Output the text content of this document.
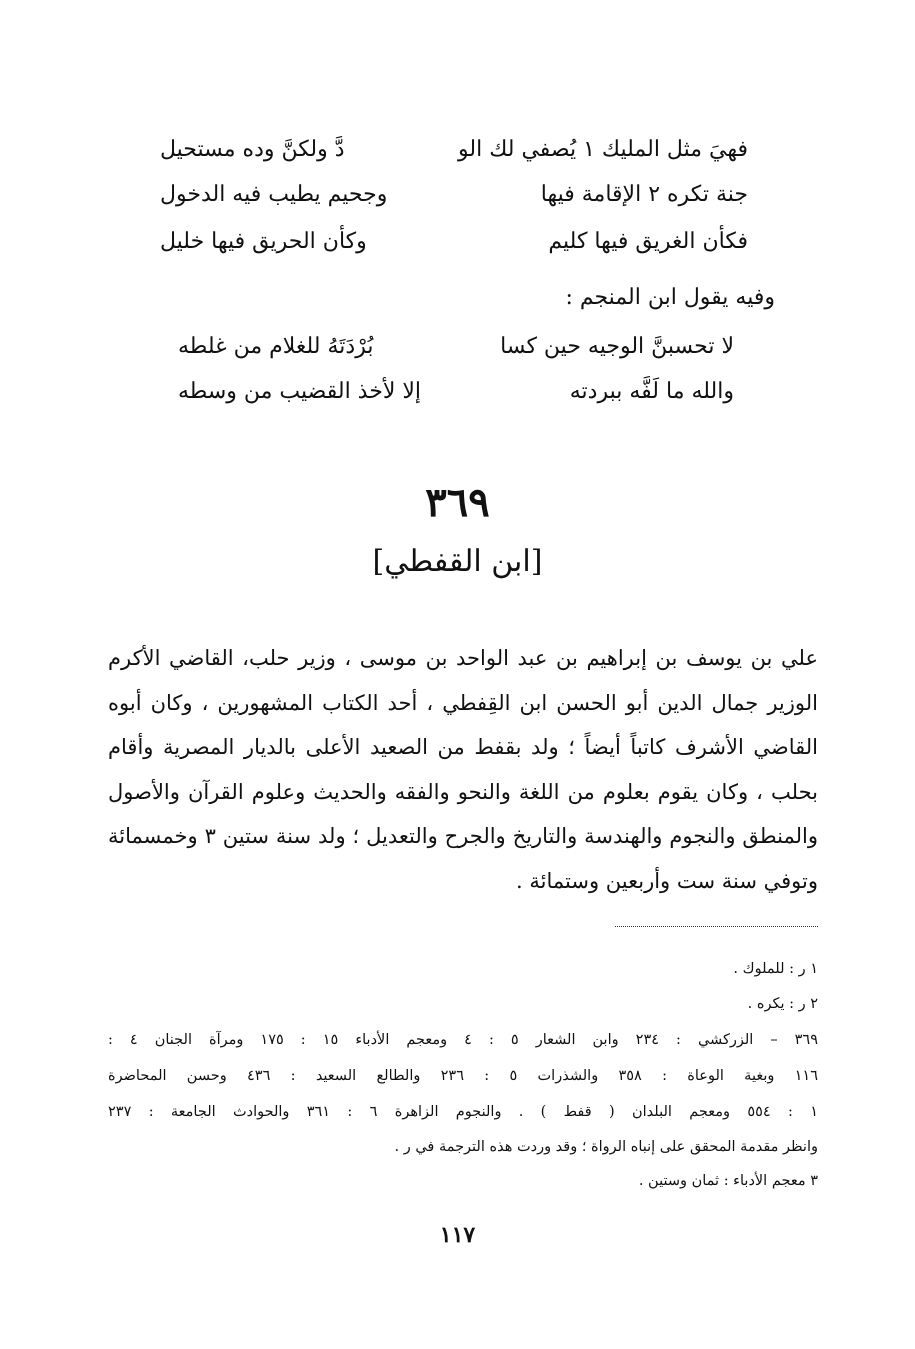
فهيَ مثل المليك ١ يُصفي لك الو
دَّ ولكنَّ وده مستحيل
جنة تكره ٢ الإقامة فيها
وجحيم يطيب فيه الدخول
فكأن الغريق فيها كليم
وكأن الحريق فيها خليل
وفيه يقول ابن المنجم :
لا تحسبنَّ الوجيه حين كسا
بُرْدَتَهُ للغلام من غلطه
والله ما لَفَّه ببردته
إلا لأخذ القضيب من وسطه
٣٦٩
[ابن القفطي]

علي بن يوسف بن إبراهيم بن عبد الواحد بن موسى ، وزير حلب، القاضي الأكرم الوزير جمال الدين أبو الحسن ابن القِفطي ، أحد الكتاب المشهورين ، وكان أبوه القاضي الأشرف كاتباً أيضاً ؛ ولد بقفط من الصعيد الأعلى بالديار المصرية وأقام بحلب ، وكان يقوم بعلوم من اللغة والنحو والفقه والحديث وعلوم القرآن والأصول والمنطق والنجوم والهندسة والتاريخ والجرح والتعديل ؛ ولد سنة ستين ٣ وخمسمائة وتوفي سنة ست وأربعين وستمائة .

١ ر : للملوك .
٢ ر : يكره .
٣٦٩ – الزركشي : ٢٣٤ وابن الشعار ٥ : ٤ ومعجم الأدباء ١٥ : ١٧٥ ومرآة الجنان ٤ :
١١٦ وبغية الوعاة : ٣٥٨ والشذرات ٥ : ٢٣٦ والطالع السعيد : ٤٣٦ وحسن المحاضرة
١ : ٥٥٤ ومعجم البلدان ( قفط ) . والنجوم الزاهرة ٦ : ٣٦١ والحوادث الجامعة : ٢٣٧
وانظر مقدمة المحقق على إنباه الرواة ؛ وقد وردت هذه الترجمة في ر .
٣ معجم الأدباء : ثمان وستين .
١١٧
